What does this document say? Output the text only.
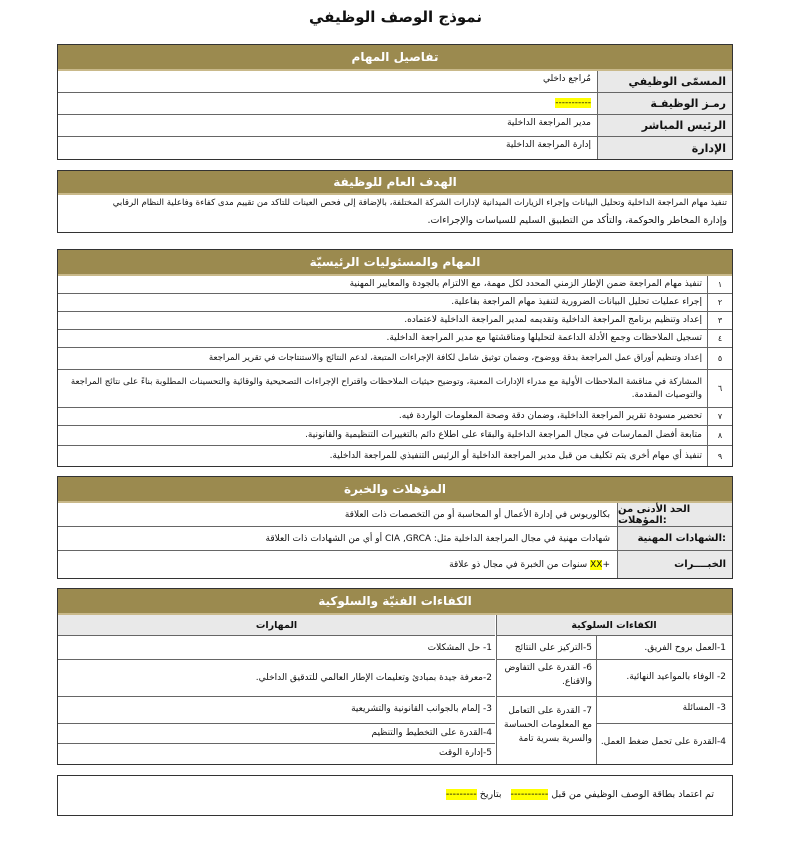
نموذج الوصف الوظيفي
تفاصيل المهام
المسمّى الوظيفي
مُراجع داخلي
رمـز الوظيفـة
-----------
الرئيس المباشر
مدير المراجعة الداخلية
الإدارة
إدارة المراجعة الداخلية
الهدف العام للوظيفة
تنفيذ مهام المراجعة الداخلية وتحليل البيانات وإجراء الزيارات الميدانية لإدارات الشركة المختلفة، بالإضافة إلى فحص العينات للتأكد من تقييم مدى كفاءة وفاعلية النظام الرقابي
وإدارة المخاطر والحوكمة، والتأكد من التطبيق السليم للسياسات والإجراءات.
المهام والمسئوليات الرئيسيّة
١
تنفيذ مهام المراجعة ضمن الإطار الزمني المحدد لكل مهمة، مع الالتزام بالجودة والمعايير المهنية
٢
إجراء عمليات تحليل البيانات الضرورية لتنفيذ مهام المراجعة بفاعلية.
٣
إعداد وتنظيم برنامج المراجعة الداخلية وتقديمه لمدير المراجعة الداخلية لاعتماده.
٤
تسجيل الملاحظات وجمع الأدلة الداعمة لتحليلها ومناقشتها مع مدير المراجعة الداخلية.
٥
إعداد وتنظيم أوراق عمل المراجعة بدقة ووضوح، وضمان توثيق شامل لكافة الإجراءات المتبعة، لدعم النتائج والاستنتاجات في تقرير المراجعة
٦
المشاركة في مناقشة الملاحظات الأولية مع مدراء الإدارات المعنية، وتوضيح حيثيات الملاحظات واقتراح الإجراءات التصحيحية والوقائية والتحسينات المطلوبة بناءً على نتائج المراجعة والتوصيات المقدمة.
٧
تحضير مسودة تقرير المراجعة الداخلية، وضمان دقة وصحة المعلومات الواردة فيه.
٨
متابعة أفضل الممارسات في مجال المراجعة الداخلية والبقاء على اطلاع دائم بالتغييرات التنظيمية والقانونية.
٩
تنفيذ أي مهام أخرى يتم تكليف من قبل مدير المراجعة الداخلية أو الرئيس التنفيذي للمراجعة الداخلية.
المؤهلات والخبرة
الحد الأدنى من المؤهلات:
بكالوريوس في إدارة الأعمال أو المحاسبة أو من التخصصات ذات العلاقة
الشهادات المهنية:
شهادات مهنية في مجال المراجعة الداخلية مثل: CIA ,GRCA أو أي من الشهادات ذات العلاقة
الخبــــرات
+
XX

سنوات من الخبرة في مجال ذو علاقة
الكفاءات الفنيّة والسلوكية
الكفاءات السلوكية
المهارات
1-العمل بروح الفريق.
2- الوفاء بالمواعيد النهائية.
3- المسائلة
4-القدرة على تحمل ضغط العمل.
5-التركيز على النتائج
6- القدرة على التفاوض والاقناع.
7- القدرة على التعامل مع المعلومات الحساسة والسرية بسرية تامة
1- حل المشكلات
2-معرفة جيدة بمبادئ وتعليمات الإطار العالمي للتدقيق الداخلي.
3- إلمام بالجوانب القانونية والتشريعية
4-القدرة على التخطيط والتنظيم
5-إدارة الوقت
تم اعتماد بطاقة الوصف الوظيفي من قبل -----------   بتاريخ ---------
